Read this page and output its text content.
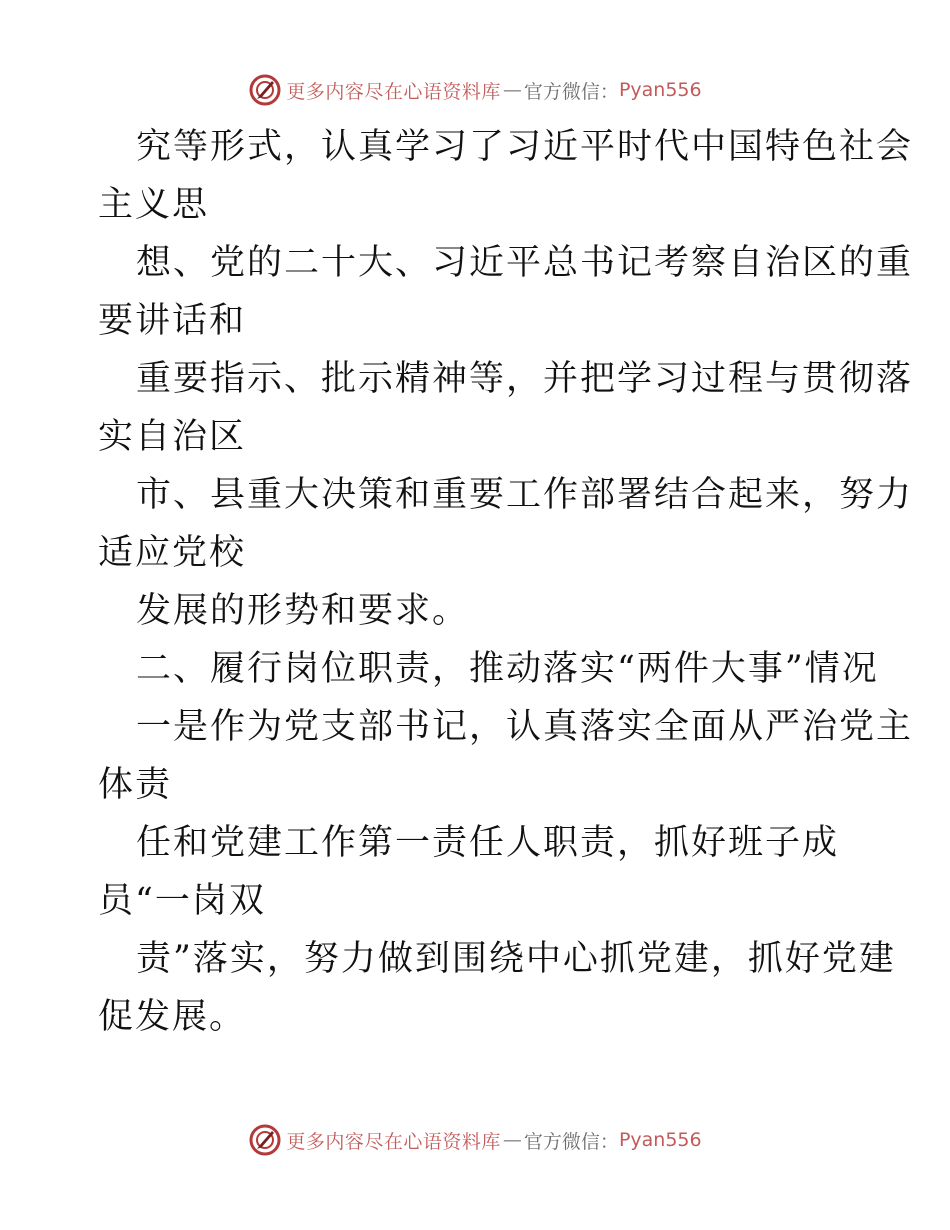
更多内容尽在心语资料库 — 官方微信： Pyan556
究等形式，认真学习了习近平时代中国特色社会
主义思
想、党的二十大、习近平总书记考察自治区的重
要讲话和
重要指示、批示精神等，并把学习过程与贯彻落
实自治区
市、县重大决策和重要工作部署结合起来，努力
适应党校
发展的形势和要求。
二、履行岗位职责，推动落实“两件大事”情况
一是作为党支部书记，认真落实全面从严治党主
体责
任和党建工作第一责任人职责，抓好班子成
员“一岗双
责”落实，努力做到围绕中心抓党建，抓好党建
促发展。
更多内容尽在心语资料库 — 官方微信： Pyan556
